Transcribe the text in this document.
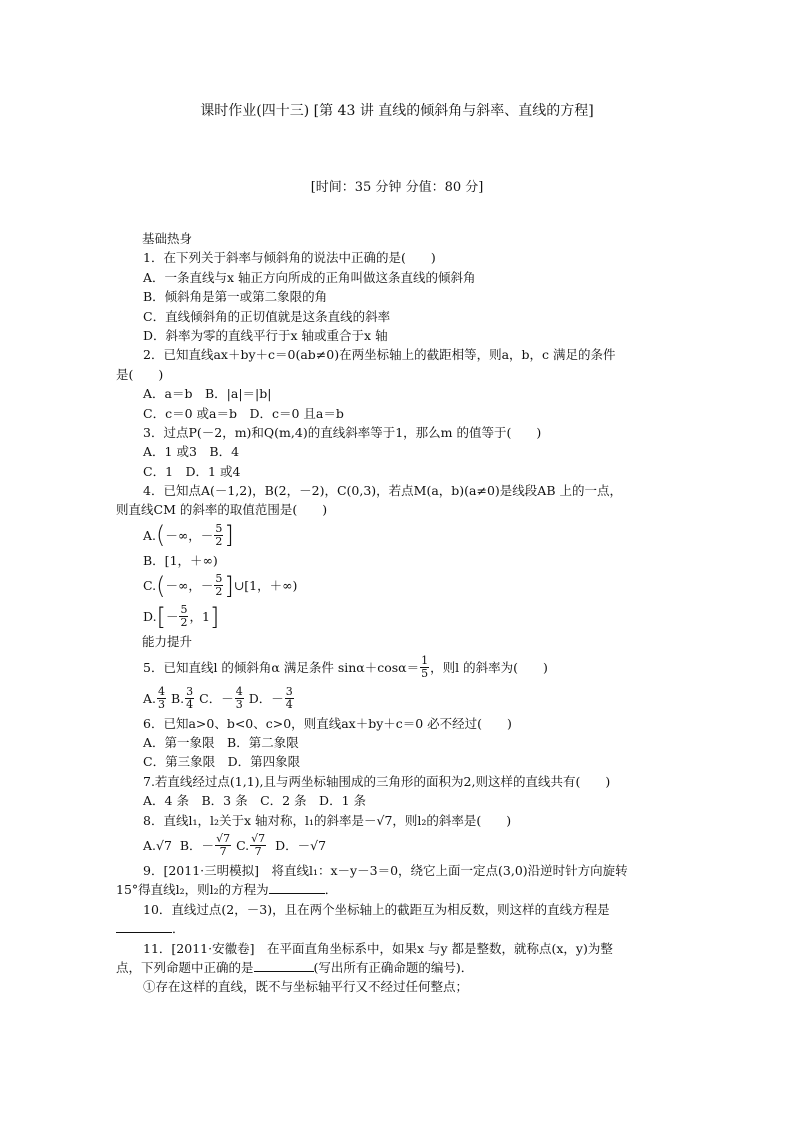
课时作业(四十三) [第 43 讲 直线的倾斜角与斜率、直线的方程]
[时间：35 分钟 分值：80 分]
基础热身
1．在下列关于斜率与倾斜角的说法中正确的是(　　)
A．一条直线与x 轴正方向所成的正角叫做这条直线的倾斜角
B．倾斜角是第一或第二象限的角
C．直线倾斜角的正切值就是这条直线的斜率
D．斜率为零的直线平行于x 轴或重合于x 轴
2．已知直线ax＋by＋c＝0(ab≠0)在两坐标轴上的截距相等，则a，b，c 满足的条件
是(　　)
A．a＝b　B．|a|＝|b|
C．c＝0 或a＝b　D．c＝0 且a＝b
3．过点P(－2，m)和Q(m,4)的直线斜率等于1，那么m 的值等于(　　)
A．1 或3　B．4
C．1　D．1 或4
4．已知点A(－1,2)，B(2，－2)，C(0,3)，若点M(a，b)(a≠0)是线段AB 上的一点，
则直线CM 的斜率的取值范围是(　　)
A. ( －∞，－ $\frac{5}{2}$ ]
B．[1，＋∞)
C. ( －∞，－ $\frac{5}{2}$ ] ∪[1，＋∞)
D. [ － $\frac{5}{2}$ ，1 ]
能力提升
5．已知直线l 的倾斜角α 满足条件 $\sin\alpha+\cos\alpha= \frac{1}{5}$ ，则l 的斜率为(　　)
A. $\frac{4}{3}$
B. $\frac{3}{4}$
C．－ $\frac{4}{3}$
D．－ $\frac{3}{4}$
6．已知a>0、b<0、c>0，则直线ax＋by＋c＝0 必不经过(　　)
A．第一象限　B．第二象限
C．第三象限　D．第四象限
7.若直线经过点(1,1),且与两坐标轴围成的三角形的面积为2,则这样的直线共有(　　)
A．4 条　B．3 条　C．2 条　D．1 条
8．直线l₁，l₂关于x 轴对称，l₁的斜率是－√7，则l₂的斜率是(　　)
A.√7
B．－ $\frac{√7}{7}$
C. $\frac{√7}{7}$
D．－√7
9．[2011·三明模拟]　将直线l₁：x－y－3＝0，绕它上面一定点(3,0)沿逆时针方向旋转
15°得直线l₂，则l₂的方程为	．
10．直线过点(2，－3)，且在两个坐标轴上的截距互为相反数，则这样的直线方程是
．
11．[2011·安徽卷]　在平面直角坐标系中，如果x 与y 都是整数，就称点(x，y)为整
点，下列命题中正确的是	(写出所有正确命题的编号)．
①存在这样的直线，既不与坐标轴平行又不经过任何整点；
